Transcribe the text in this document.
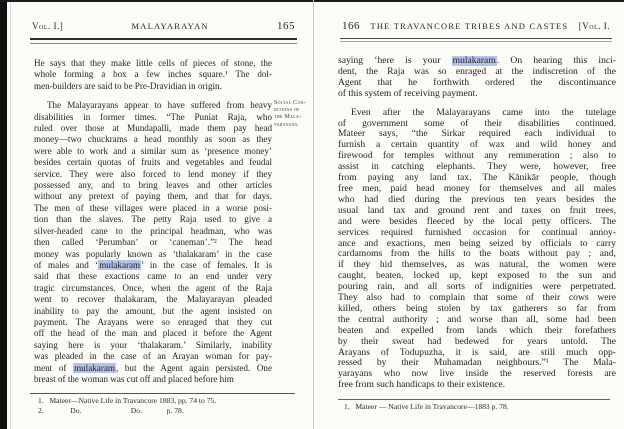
Vol. I.]	MALAYARAYAN	165
He says that they make little cells of pieces of stone, the
whole forming a box a few inches square.¹ The dol-
men-builders are said to be Pre-Dravidian in origin.
The Malayarayans appear to have suffered from heavy
disabilities in former times. “The Puniat Raja, who
ruled over those at Mundapalli, made them pay head
money—two chuckrams a head monthly as soon as they
were able to work and a similar sum as ‘presence money’
besides certain quotas of fruits and vegetables and feudal
service. They were also forced to lend money if they
possessed any, and to bring leaves and other articles
without any pretext of paying them, and that for days.
The men of these villages were placed in a worse posi-
tion than the slaves. The petty Raja used to give a
silver-headed cane to the principal headman, who was
then called ‘Perumban’ or ‘caneman’.”² The head
money was popularly known as ‘thalakaram’ in the case
of males and ‘mulakaram’ in the case of females. It is
said that these exactions came to an end under very
tragic circumstances. Once, when the agent of the Raja
went to recover thalakaram, the Malayarayan pleaded
inability to pay the amount, but the agent insisted on
payment. The Arayans were so enraged that they cut
off the head of the man and placed it before the Agent
saying here is your ‘thalakaram.’ Similarly, inability
was pleaded in the case of an Arayan woman for pay-
ment of mulakaram, but the Agent again persisted. One
breast of the woman was cut off and placed before him
Social Con-
ditions of
the Mala-
yarayans.
1.   Mateer—Native Life in Travancore 1883, pp. 74 to 75.
2.              Do.                          Do.             p. 78.
166 THE TRAVANCORE TRIBES AND CASTES [Vol. I.
saying ‘here is your mulakaram. On hearing this inci-
dent, the Raja was so enraged at the indiscretion of the
Agent that he forthwith ordered the discontinuance
of this system of receiving payment.
Even after the Malayarayans came into the tutelage
of government some of their disabilities continued.
Mateer says, “the Sirkar required each individual to
furnish a certain quantity of wax and wild honey and
firewood for temples without any remuneration ; also to
assist in catching elephants. They were, however, free
from paying any land tax. The Kānikār people, though
free men, paid head money for themselves and all males
who had died during the previous ten years besides the
usual land tax and ground rent and taxes on fruit trees,
and were besides fleeced by the local petty officers. The
services required furnished occasion for continual annoy-
ance and exactions, men being seized by officials to carry
cardamoms from the hills to the boats without pay ; and,
if they hid themselves, as was natural, the women were
caught, beaten, locked up, kept exposed to the sun and
pouring rain, and all sorts of indignities were perpetrated.
They also had to complain that some of their cows were
killed, others being stolen by tax gatherers so far from
the central authority ; and worse than all, some had been
beaten and expelled from lands which their forefathers
by their sweat had bedewed for years untold. The
Arayans of Todupuzha, it is said, are still much opp-
ressed by their Muhamadan neighbours.”¹ The Mala-
yarayans who now live inside the reserved forests are
free from such handicaps to their existence.
1.   Mateer — Native Life in Travancore—1883 p. 78.
